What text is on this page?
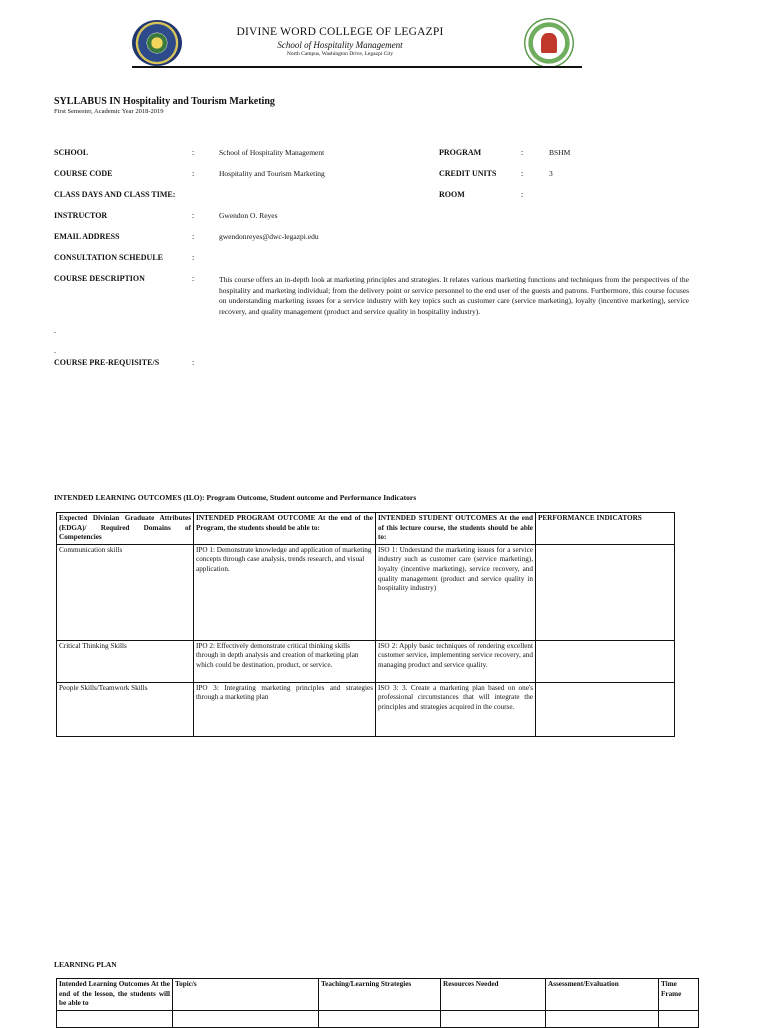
DIVINE WORD COLLEGE OF LEGAZPI
School of Hospitality Management
North Campus, Washington Drive, Legazpi City
SYLLABUS IN Hospitality and Tourism Marketing
First Semester, Academic Year 2018-2019
SCHOOL	:	School of Hospitality Management	PROGRAM	:	BSHM
COURSE CODE	:	Hospitality and Tourism Marketing	CREDIT UNITS	:	3
CLASS DAYS AND CLASS TIME:	ROOM	:
INSTRUCTOR	:	Gwendon O. Reyes
EMAIL ADDRESS	:	gwendonreyes@dwc-legazpi.edu
CONSULTATION SCHEDULE	:
COURSE DESCRIPTION	:	This course offers an in-depth look at marketing principles and strategies. It relates various marketing functions and techniques from the perspectives of the hospitality and marketing individual; from the delivery point or service personnel to the end user of the guests and patrons. Furthermore, this course focuses on understanding marketing issues for a service industry with key topics such as customer care (service marketing), loyalty (incentive marketing), service recovery, and quality management (product and service quality in hospitality industry).
.
.
COURSE PRE-REQUISITE/S	:
INTENDED LEARNING OUTCOMES (ILO): Program Outcome, Student outcome and Performance Indicators
Expected Divinian Graduate Attributes (EDGA)/ Required Domains of Competencies	INTENDED PROGRAM OUTCOME At the end of the Program, the students should be able to:	INTENDED STUDENT OUTCOMES At the end of this lecture course, the students should be able to:	PERFORMANCE INDICATORS
Communication skills	IPO 1: Demonstrate knowledge and application of marketing concepts through case analysis, trends research, and visual application.	ISO 1: Understand the marketing issues for a service industry such as customer care (service marketing), loyalty (incentive marketing), service recovery, and quality management (product and service quality in hospitality industry)	
Critical Thinking Skills	IPO 2: Effectively demonstrate critical thinking skills through in depth analysis and creation of marketing plan which could be destination, product, or service.	ISO 2: Apply basic techniques of rendering excellent customer service, implementing service recovery, and managing product and service quality.	
People Skills/Teamwork Skills	IPO 3: Integrating marketing principles and strategies through a marketing plan	ISO 3: 3. Create a marketing plan based on one's professional circumstances that will integrate the principles and strategies acquired in the course.	
LEARNING PLAN
Intended Learning Outcomes At the end of the lesson, the students will be able to	Topic/s	Teaching/Learning Strategies	Resources Needed	Assessment/Evaluation	Time Frame
